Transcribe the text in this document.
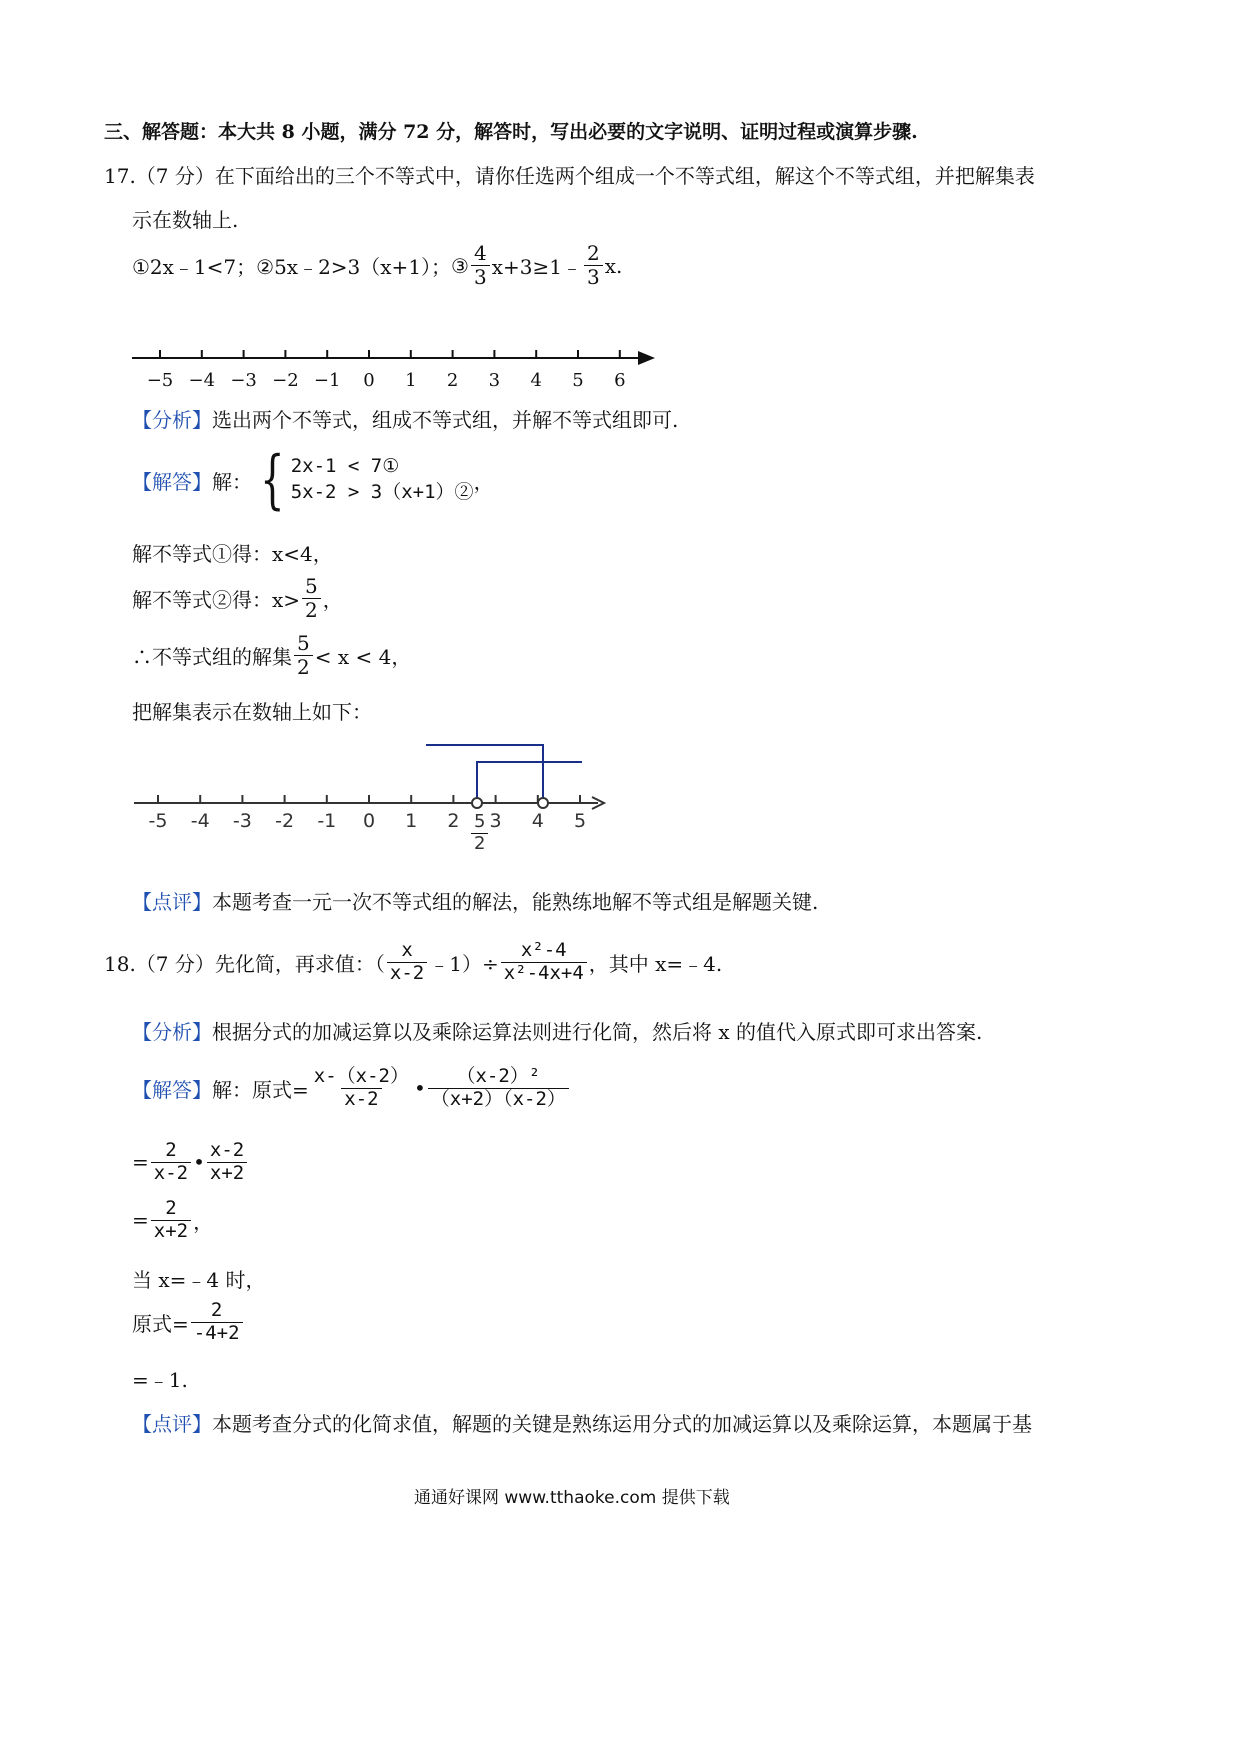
三、解答题：本大共 8 小题，满分 72 分，解答时，写出必要的文字说明、证明过程或演算步骤.
17.（7 分）在下面给出的三个不等式中，请你任选两个组成一个不等式组，解这个不等式组，并把解集表
示在数轴上.
①2x﹣1<7； ②5x﹣2>3（x+1）； ③ $\frac{4}{3}$ x+3≥1﹣ $\frac{2}{3} x$.
−5 −4 −3 −2 −1 0 1 2 3 4 5 6
【分析】选出两个不等式，组成不等式组，并解不等式组即可.
【解答】 解： { 2x-1 < 7①
5x-2 > 3（x+1）② ，
解不等式①得：x<4，
解不等式②得：$x> \frac{5}{2}$ ，
∴不等式组的解集 $\frac{5}{2} < x < 4$，
把解集表示在数轴上如下：
-5 -4 -3 -2 -1 0 1 2 3 4 5
$\frac{5}{2}$
【点评】本题考查一元一次不等式组的解法，能熟练地解不等式组是解题关键.
18.（7 分） 先化简，再求值：（ $\frac{x}{x-2}$ ﹣1）÷ $\frac{\text{x²-4}}{\text{x²-4x+4}}$ ，其中 x=﹣4.
【分析】根据分式的加减运算以及乘除运算法则进行化简，然后将 x 的值代入原式即可求出答案.
【解答】 解：原式= $\frac{x-(x-2)}{x-2}$ • $\frac{\text{（x-2）²}}{(x+2)(x-2)}$
= $\frac{2}{x-2}$ • $\frac{x-2}{x+2}$
= $\frac{2}{x+2}$ ，
当 x=﹣4 时，
原式= $\frac{2}{-4+2}$
=﹣1.
【点评】本题考查分式的化简求值，解题的关键是熟练运用分式的加减运算以及乘除运算，本题属于基
通通好课网 www.tthaoke.com 提供下载
